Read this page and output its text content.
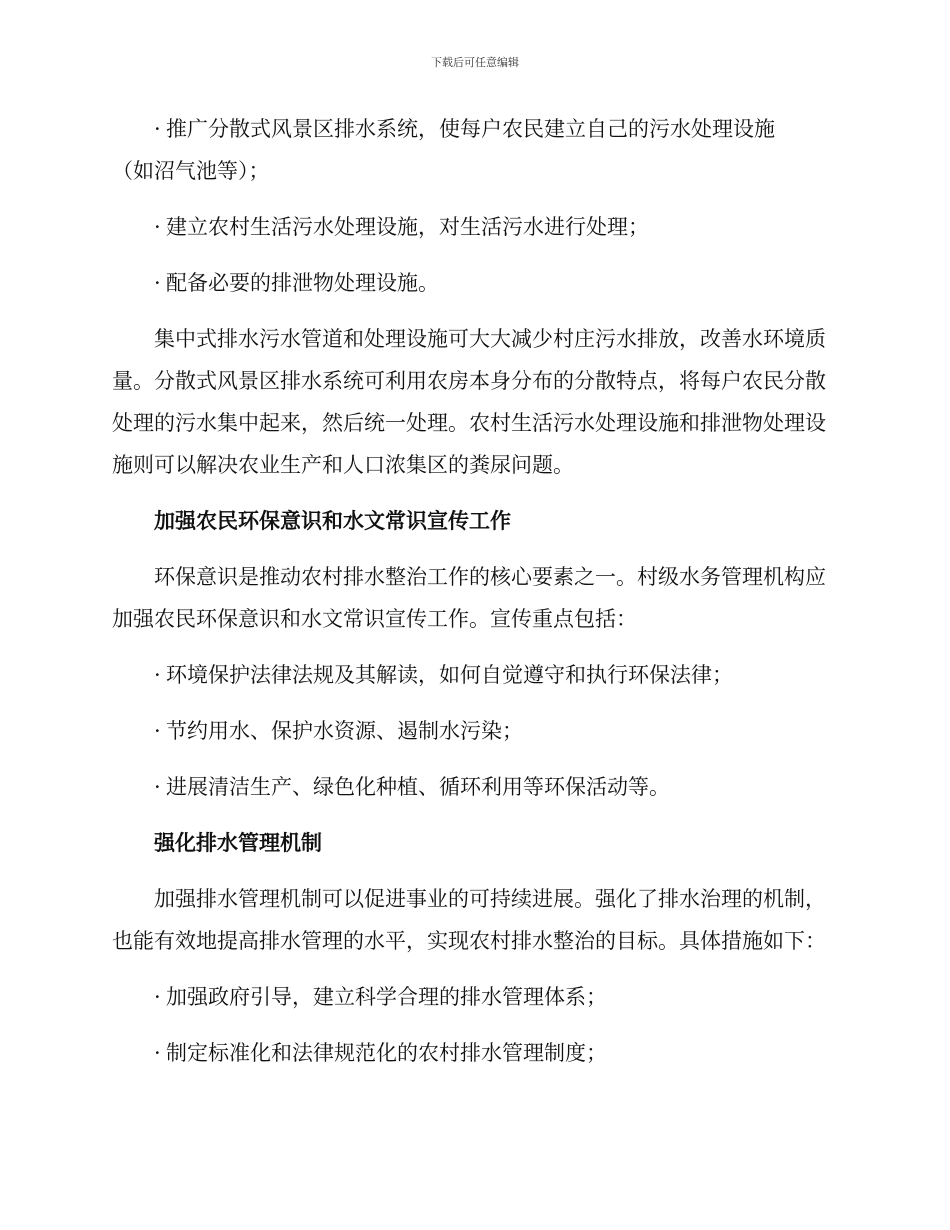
下载后可任意编辑

· 推广分散式风景区排水系统，使每户农民建立自己的污水处理设施

（如沼气池等）；

· 建立农村生活污水处理设施，对生活污水进行处理；

· 配备必要的排泄物处理设施。

集中式排水污水管道和处理设施可大大减少村庄污水排放，改善水环境质量。分散式风景区排水系统可利用农房本身分布的分散特点，将每户农民分散处理的污水集中起来，然后统一处理。农村生活污水处理设施和排泄物处理设施则可以解决农业生产和人口浓集区的粪尿问题。

加强农民环保意识和水文常识宣传工作

环保意识是推动农村排水整治工作的核心要素之一。村级水务管理机构应加强农民环保意识和水文常识宣传工作。宣传重点包括：

· 环境保护法律法规及其解读，如何自觉遵守和执行环保法律；

· 节约用水、保护水资源、遏制水污染；

· 进展清洁生产、绿色化种植、循环利用等环保活动等。

强化排水管理机制

加强排水管理机制可以促进事业的可持续进展。强化了排水治理的机制，也能有效地提高排水管理的水平，实现农村排水整治的目标。具体措施如下：

· 加强政府引导，建立科学合理的排水管理体系；

· 制定标准化和法律规范化的农村排水管理制度；
